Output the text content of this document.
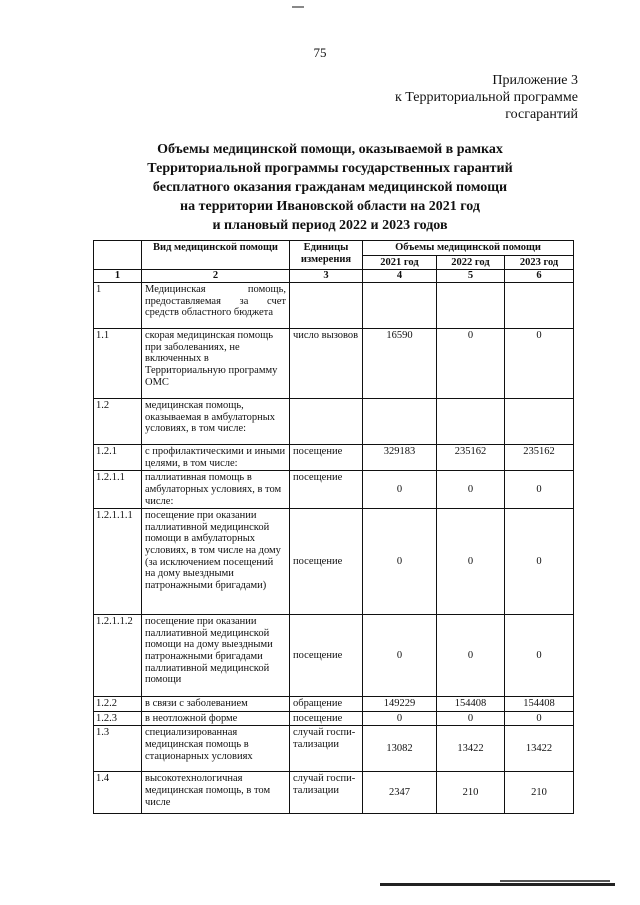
75
Приложение 3
к Территориальной программе
госгарантий
Объемы медицинской помощи, оказываемой в рамках
Территориальной программы государственных гарантий
бесплатного оказания гражданам медицинской помощи
на территории Ивановской области на 2021 год
и плановый период 2022 и 2023 годов
	Вид медицинской помощи	Единицы измерения	Объемы медицинской помощи		
			2021 год	2022 год	2023 год
1	2	3	4	5	6
1	Медицинская помощь, предоставляемая за счет средств областного бюджета				
1.1	скорая медицинская помощь при заболеваниях, не включенных в Территориальную программу ОМС	число вызовов	16590	0	0
1.2	медицинская помощь, оказываемая в амбулаторных условиях, в том числе:				
1.2.1	с профилактическими и иными целями, в том числе:	посещение	329183	235162	235162
1.2.1.1	паллиативная помощь в амбулаторных условиях, в том числе:	посещение	0	0	0
1.2.1.1.1	посещение при оказании паллиативной медицинской помощи в амбулаторных условиях, в том числе на дому (за исключением посещений на дому выездными патронажными бригадами)	посещение	0	0	0
1.2.1.1.2	посещение при оказании паллиативной медицинской помощи на дому выездными патронажными бригадами паллиативной медицинской помощи	посещение	0	0	0
1.2.2	в связи с заболеванием	обращение	149229	154408	154408
1.2.3	в неотложной форме	посещение	0	0	0
1.3	специализированная медицинская помощь в стационарных условиях	случай госпи-тализации	13082	13422	13422
1.4	высокотехнологичная медицинская помощь, в том числе	случай госпи-тализации	2347	210	210
